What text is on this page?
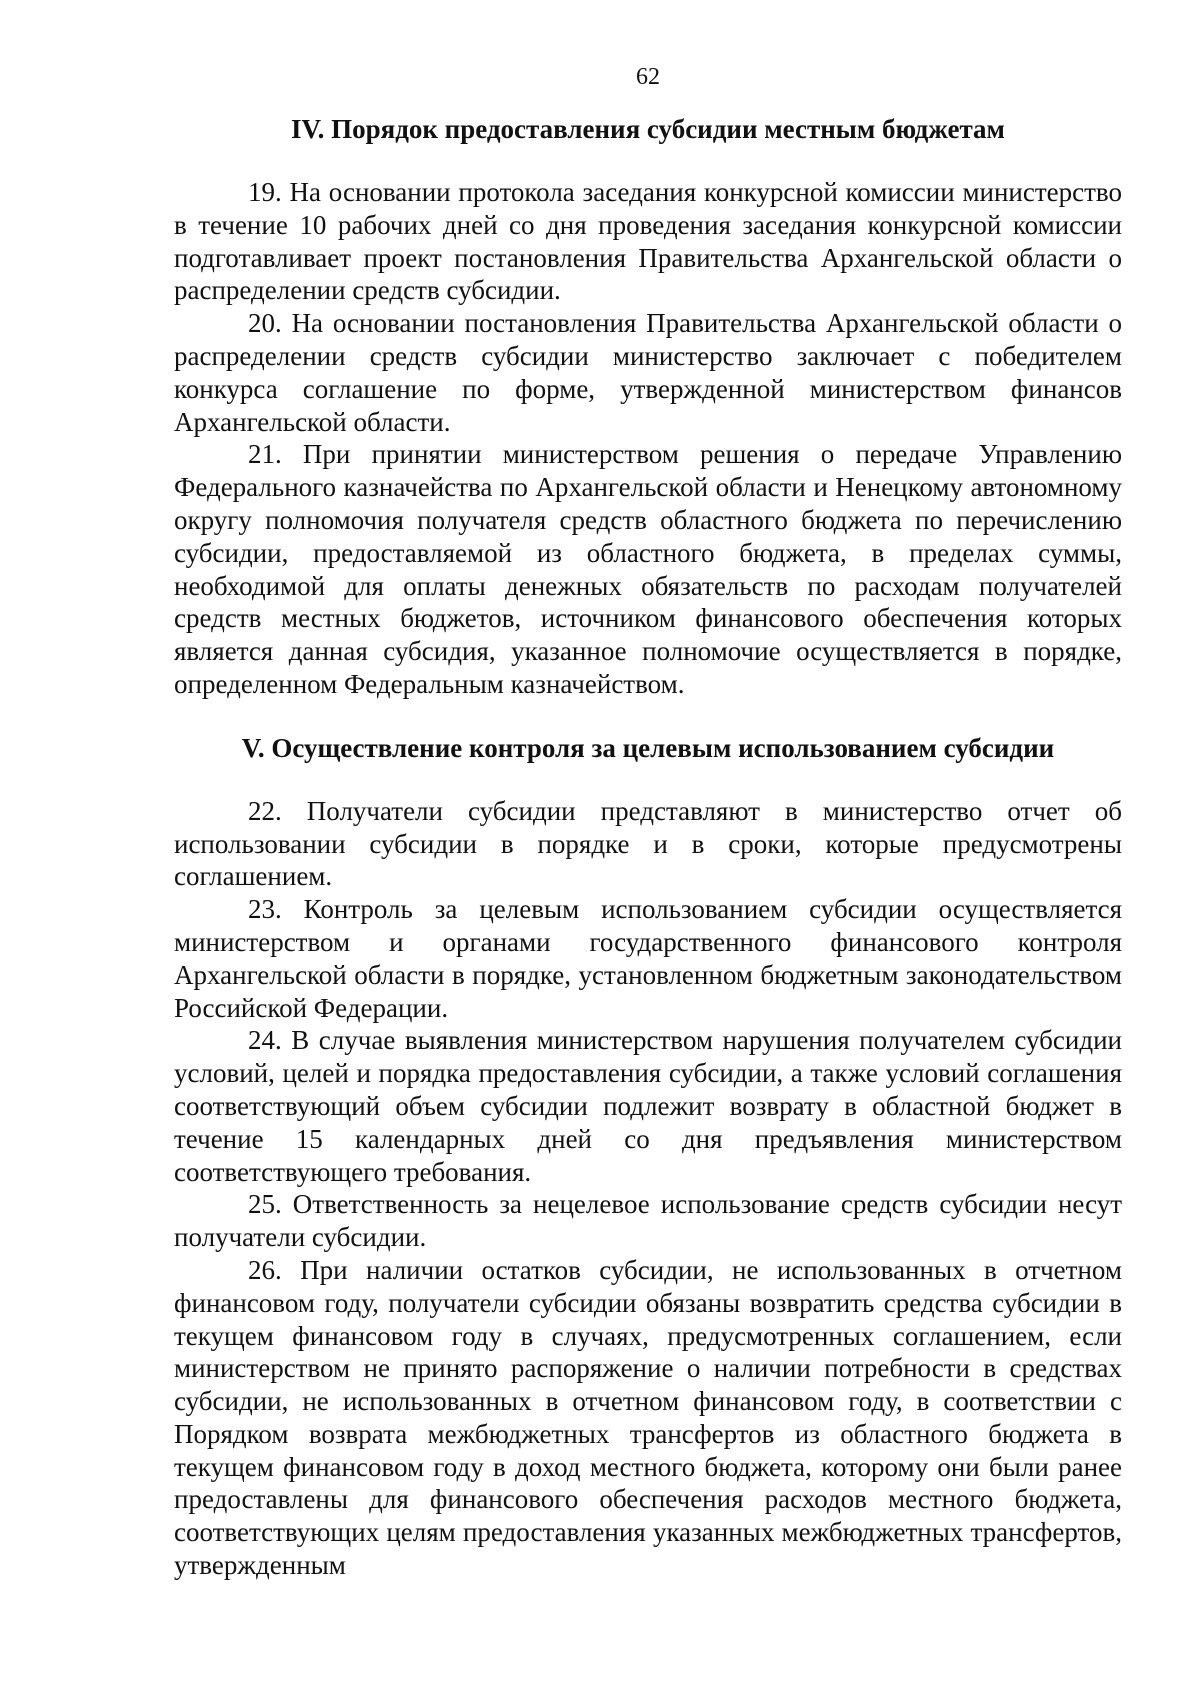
62
IV. Порядок предоставления субсидии местным бюджетам

19. На основании протокола заседания конкурсной комиссии министерство в течение 10 рабочих дней со дня проведения заседания конкурсной комиссии подготавливает проект постановления Правительства Архангельской области о распределении средств субсидии.

20. На основании постановления Правительства Архангельской области о распределении средств субсидии министерство заключает с победителем конкурса соглашение по форме, утвержденной министерством финансов Архангельской области.

21. При принятии министерством решения о передаче Управлению Федерального казначейства по Архангельской области и Ненецкому автономному округу полномочия получателя средств областного бюджета по перечислению субсидии, предоставляемой из областного бюджета, в пределах суммы, необходимой для оплаты денежных обязательств по расходам получателей средств местных бюджетов, источником финансового обеспечения которых является данная субсидия, указанное полномочие осуществляется в порядке, определенном Федеральным казначейством.

V. Осуществление контроля за целевым использованием субсидии

22. Получатели субсидии представляют в министерство отчет об использовании субсидии в порядке и в сроки, которые предусмотрены соглашением.

23. Контроль за целевым использованием субсидии осуществляется министерством и органами государственного финансового контроля Архангельской области в порядке, установленном бюджетным законодательством Российской Федерации.

24. В случае выявления министерством нарушения получателем субсидии условий, целей и порядка предоставления субсидии, а также условий соглашения соответствующий объем субсидии подлежит возврату в областной бюджет в течение 15 календарных дней со дня предъявления министерством соответствующего требования.

25. Ответственность за нецелевое использование средств субсидии несут получатели субсидии.

26. При наличии остатков субсидии, не использованных в отчетном финансовом году, получатели субсидии обязаны возвратить средства субсидии в текущем финансовом году в случаях, предусмотренных соглашением, если министерством не принято распоряжение о наличии потребности в средствах субсидии, не использованных в отчетном финансовом году, в соответствии с Порядком возврата межбюджетных трансфертов из областного бюджета в текущем финансовом году в доход местного бюджета, которому они были ранее предоставлены для финансового обеспечения расходов местного бюджета, соответствующих целям предоставления указанных межбюджетных трансфертов, утвержденным
